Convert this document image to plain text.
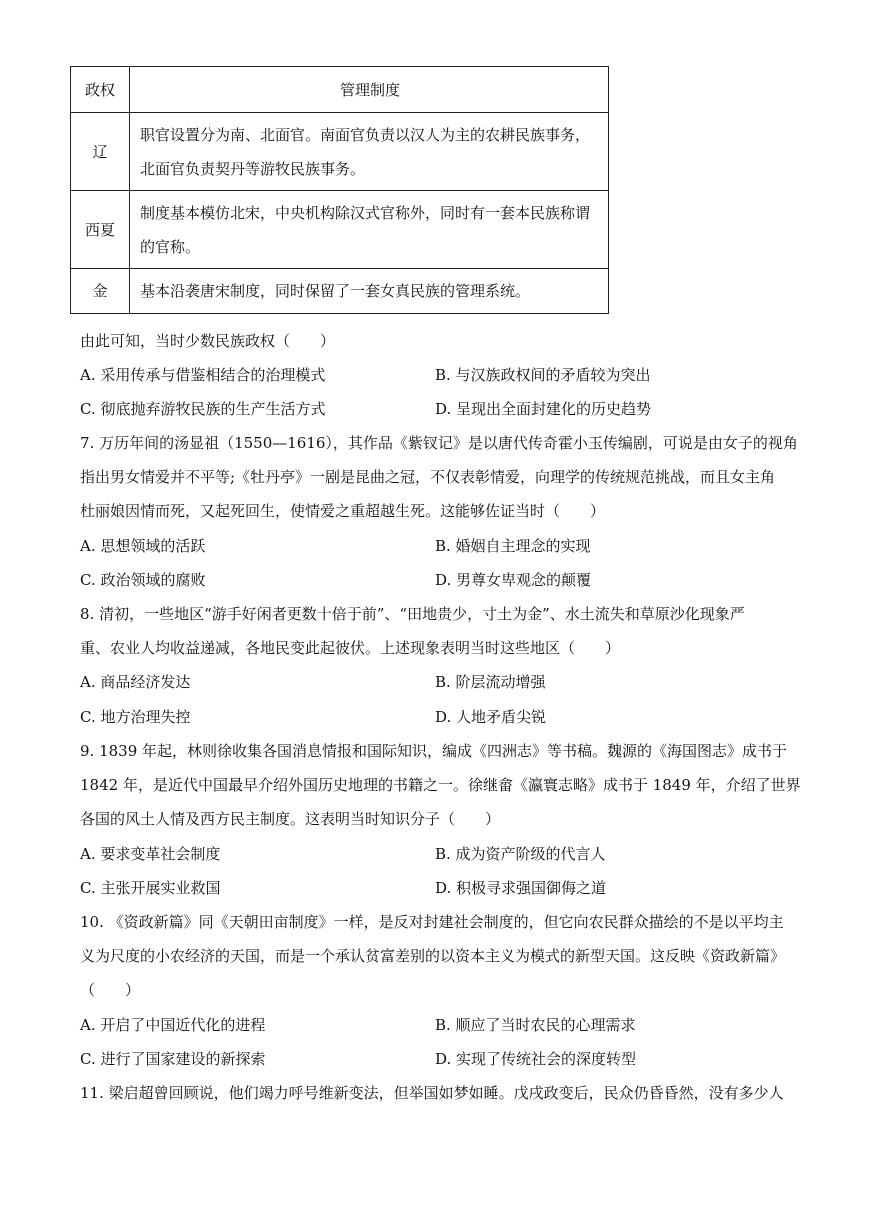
政权	管理制度
辽	职官设置分为南、北面官。南面官负责以汉人为主的农耕民族事务，
北面官负责契丹等游牧民族事务。

西夏	制度基本模仿北宋，中央机构除汉式官称外，同时有一套本民族称谓
的官称。

金	基本沿袭唐宋制度，同时保留了一套女真民族的管理系统。
由此可知，当时少数民族政权（　　）
A. 采用传承与借鉴相结合的治理模式	B. 与汉族政权间的矛盾较为突出
C. 彻底抛弃游牧民族的生产生活方式	D. 呈现出全面封建化的历史趋势
7. 万历年间的汤显祖（1550—1616），其作品《紫钗记》是以唐代传奇霍小玉传编剧，可说是由女子的视角
指出男女情爱并不平等;《牡丹亭》一剧是昆曲之冠，不仅表彰情爱，向理学的传统规范挑战，而且女主角
杜丽娘因情而死，又起死回生，使情爱之重超越生死。这能够佐证当时（　　）
A. 思想领域的活跃	B. 婚姻自主理念的实现
C. 政治领域的腐败	D. 男尊女卑观念的颠覆
8. 清初，一些地区“游手好闲者更数十倍于前”、“田地贵少，寸土为金”、水土流失和草原沙化现象严
重、农业人均收益递减，各地民变此起彼伏。上述现象表明当时这些地区（　　）
A. 商品经济发达	B. 阶层流动增强
C. 地方治理失控	D. 人地矛盾尖锐
9. 1839 年起，林则徐收集各国消息情报和国际知识，编成《四洲志》等书稿。魏源的《海国图志》成书于
1842 年，是近代中国最早介绍外国历史地理的书籍之一。徐继畲《瀛寰志略》成书于 1849 年，介绍了世界
各国的风土人情及西方民主制度。这表明当时知识分子（　　）
A. 要求变革社会制度	B. 成为资产阶级的代言人
C. 主张开展实业救国	D. 积极寻求强国御侮之道
10. 《资政新篇》同《天朝田亩制度》一样，是反对封建社会制度的，但它向农民群众描绘的不是以平均主
义为尺度的小农经济的天国，而是一个承认贫富差别的以资本主义为模式的新型天国。这反映《资政新篇》
（　　）
A. 开启了中国近代化的进程	B. 顺应了当时农民的心理需求
C. 进行了国家建设的新探索	D. 实现了传统社会的深度转型
11. 梁启超曾回顾说，他们竭力呼号维新变法，但举国如梦如睡。戊戌政变后，民众仍昏昏然，没有多少人
